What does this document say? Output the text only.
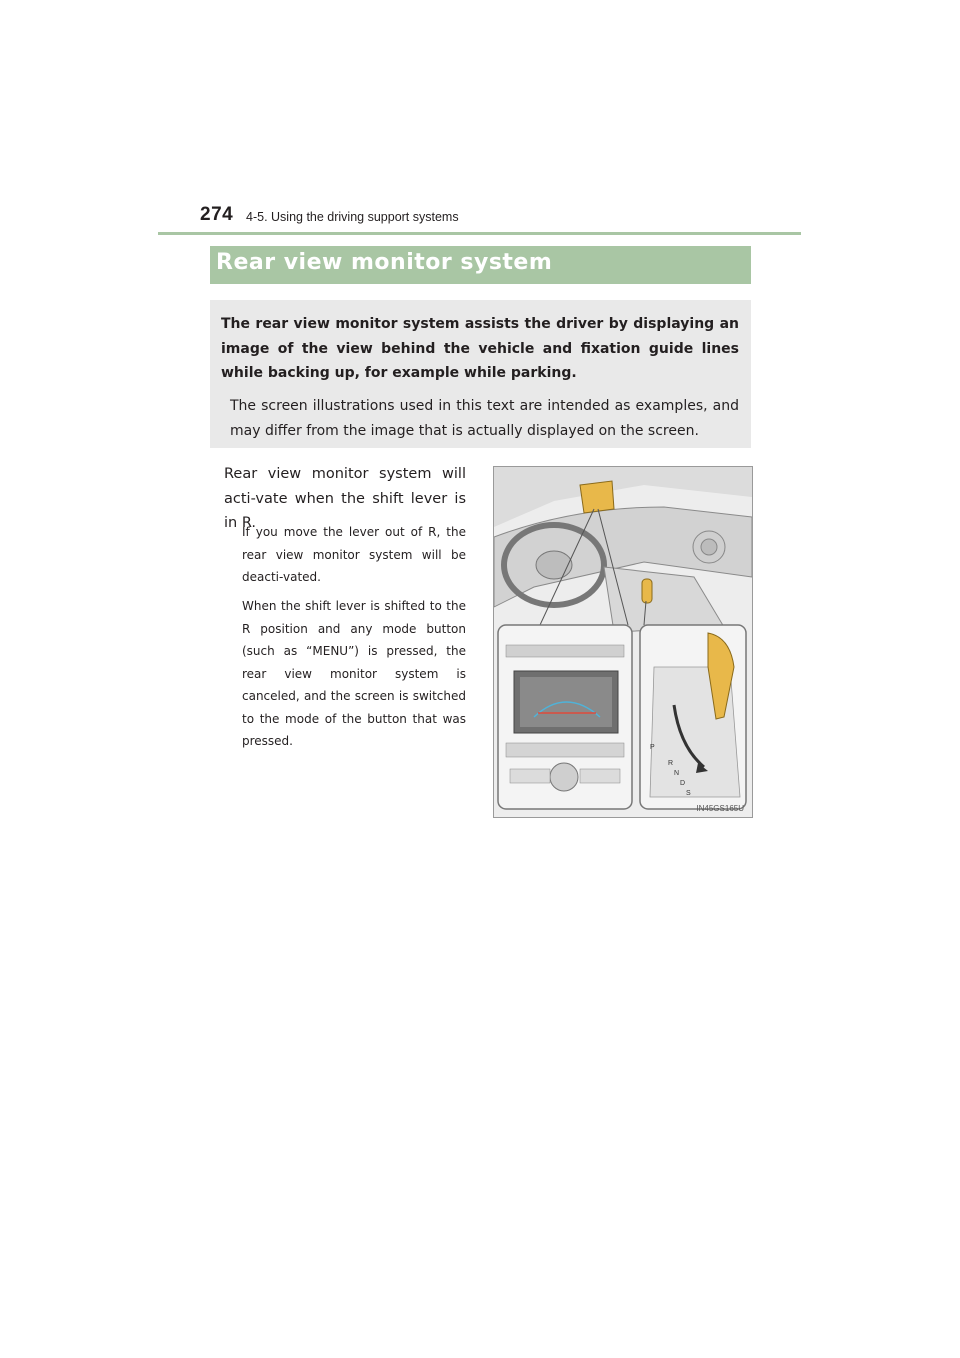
274 4-5. Using the driving support systems
Rear view monitor system
The rear view monitor system assists the driver by displaying an image of the view behind the vehicle and fixation guide lines while backing up, for example while parking.
The screen illustrations used in this text are intended as examples, and may differ from the image that is actually displayed on the screen.
Rear view monitor system will acti-vate when the shift lever is in R.
If you move the lever out of R, the rear view monitor system will be deacti-vated.
When the shift lever is shifted to the R position and any mode button (such as “MENU”) is pressed, the rear view monitor system is canceled, and the screen is switched to the mode of the button that was pressed.	P
R
N
D
S
IN45GS165U
